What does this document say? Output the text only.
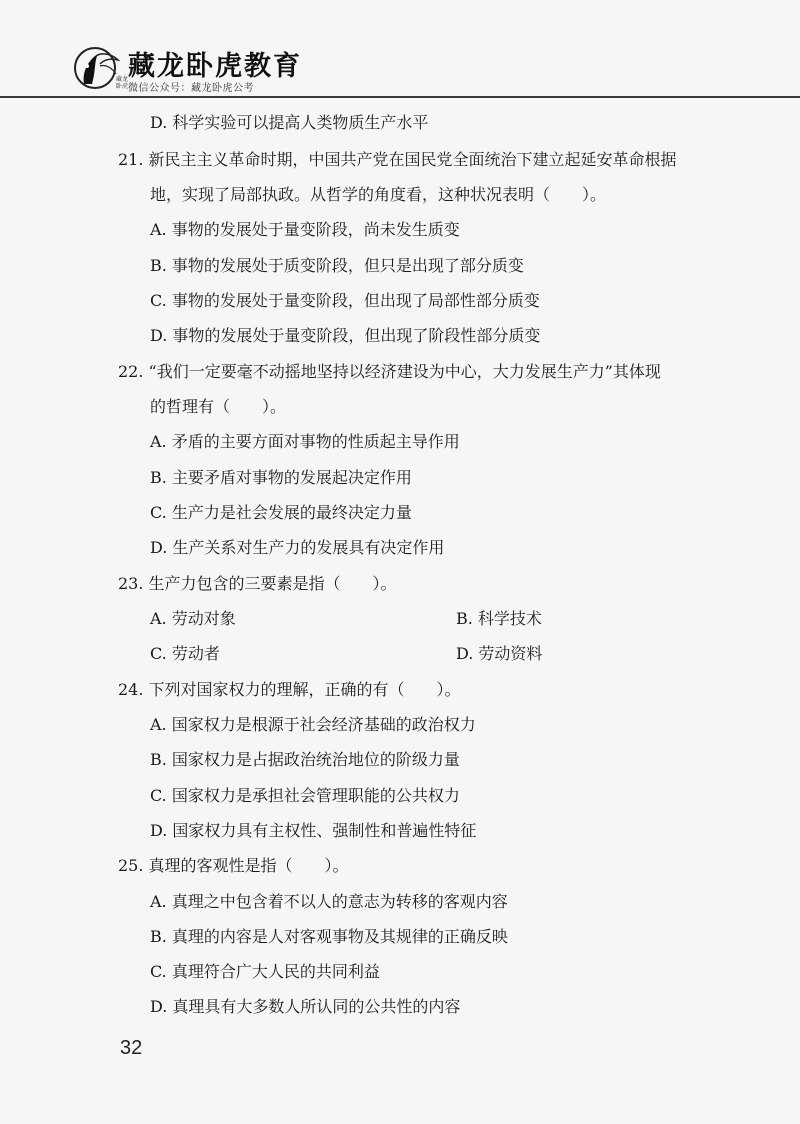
藏龙卧虎教育
藏龙卧虎 微信公众号：藏龙卧虎公考
D. 科学实验可以提高人类物质生产水平
21. 新民主主义革命时期，中国共产党在国民党全面统治下建立起延安革命根据
地，实现了局部执政。从哲学的角度看，这种状况表明（　　）。
A. 事物的发展处于量变阶段，尚未发生质变
B. 事物的发展处于质变阶段，但只是出现了部分质变
C. 事物的发展处于量变阶段，但出现了局部性部分质变
D. 事物的发展处于量变阶段，但出现了阶段性部分质变
22. “我们一定要毫不动摇地坚持以经济建设为中心，大力发展生产力”其体现
的哲理有（　　）。
A. 矛盾的主要方面对事物的性质起主导作用
B. 主要矛盾对事物的发展起决定作用
C. 生产力是社会发展的最终决定力量
D. 生产关系对生产力的发展具有决定作用
23. 生产力包含的三要素是指（　　）。
A. 劳动对象	B. 科学技术
C. 劳动者	D. 劳动资料
24. 下列对国家权力的理解，正确的有（　　）。
A. 国家权力是根源于社会经济基础的政治权力
B. 国家权力是占据政治统治地位的阶级力量
C. 国家权力是承担社会管理职能的公共权力
D. 国家权力具有主权性、强制性和普遍性特征
25. 真理的客观性是指（　　）。
A. 真理之中包含着不以人的意志为转移的客观内容
B. 真理的内容是人对客观事物及其规律的正确反映
C. 真理符合广大人民的共同利益
D. 真理具有大多数人所认同的公共性的内容
32
